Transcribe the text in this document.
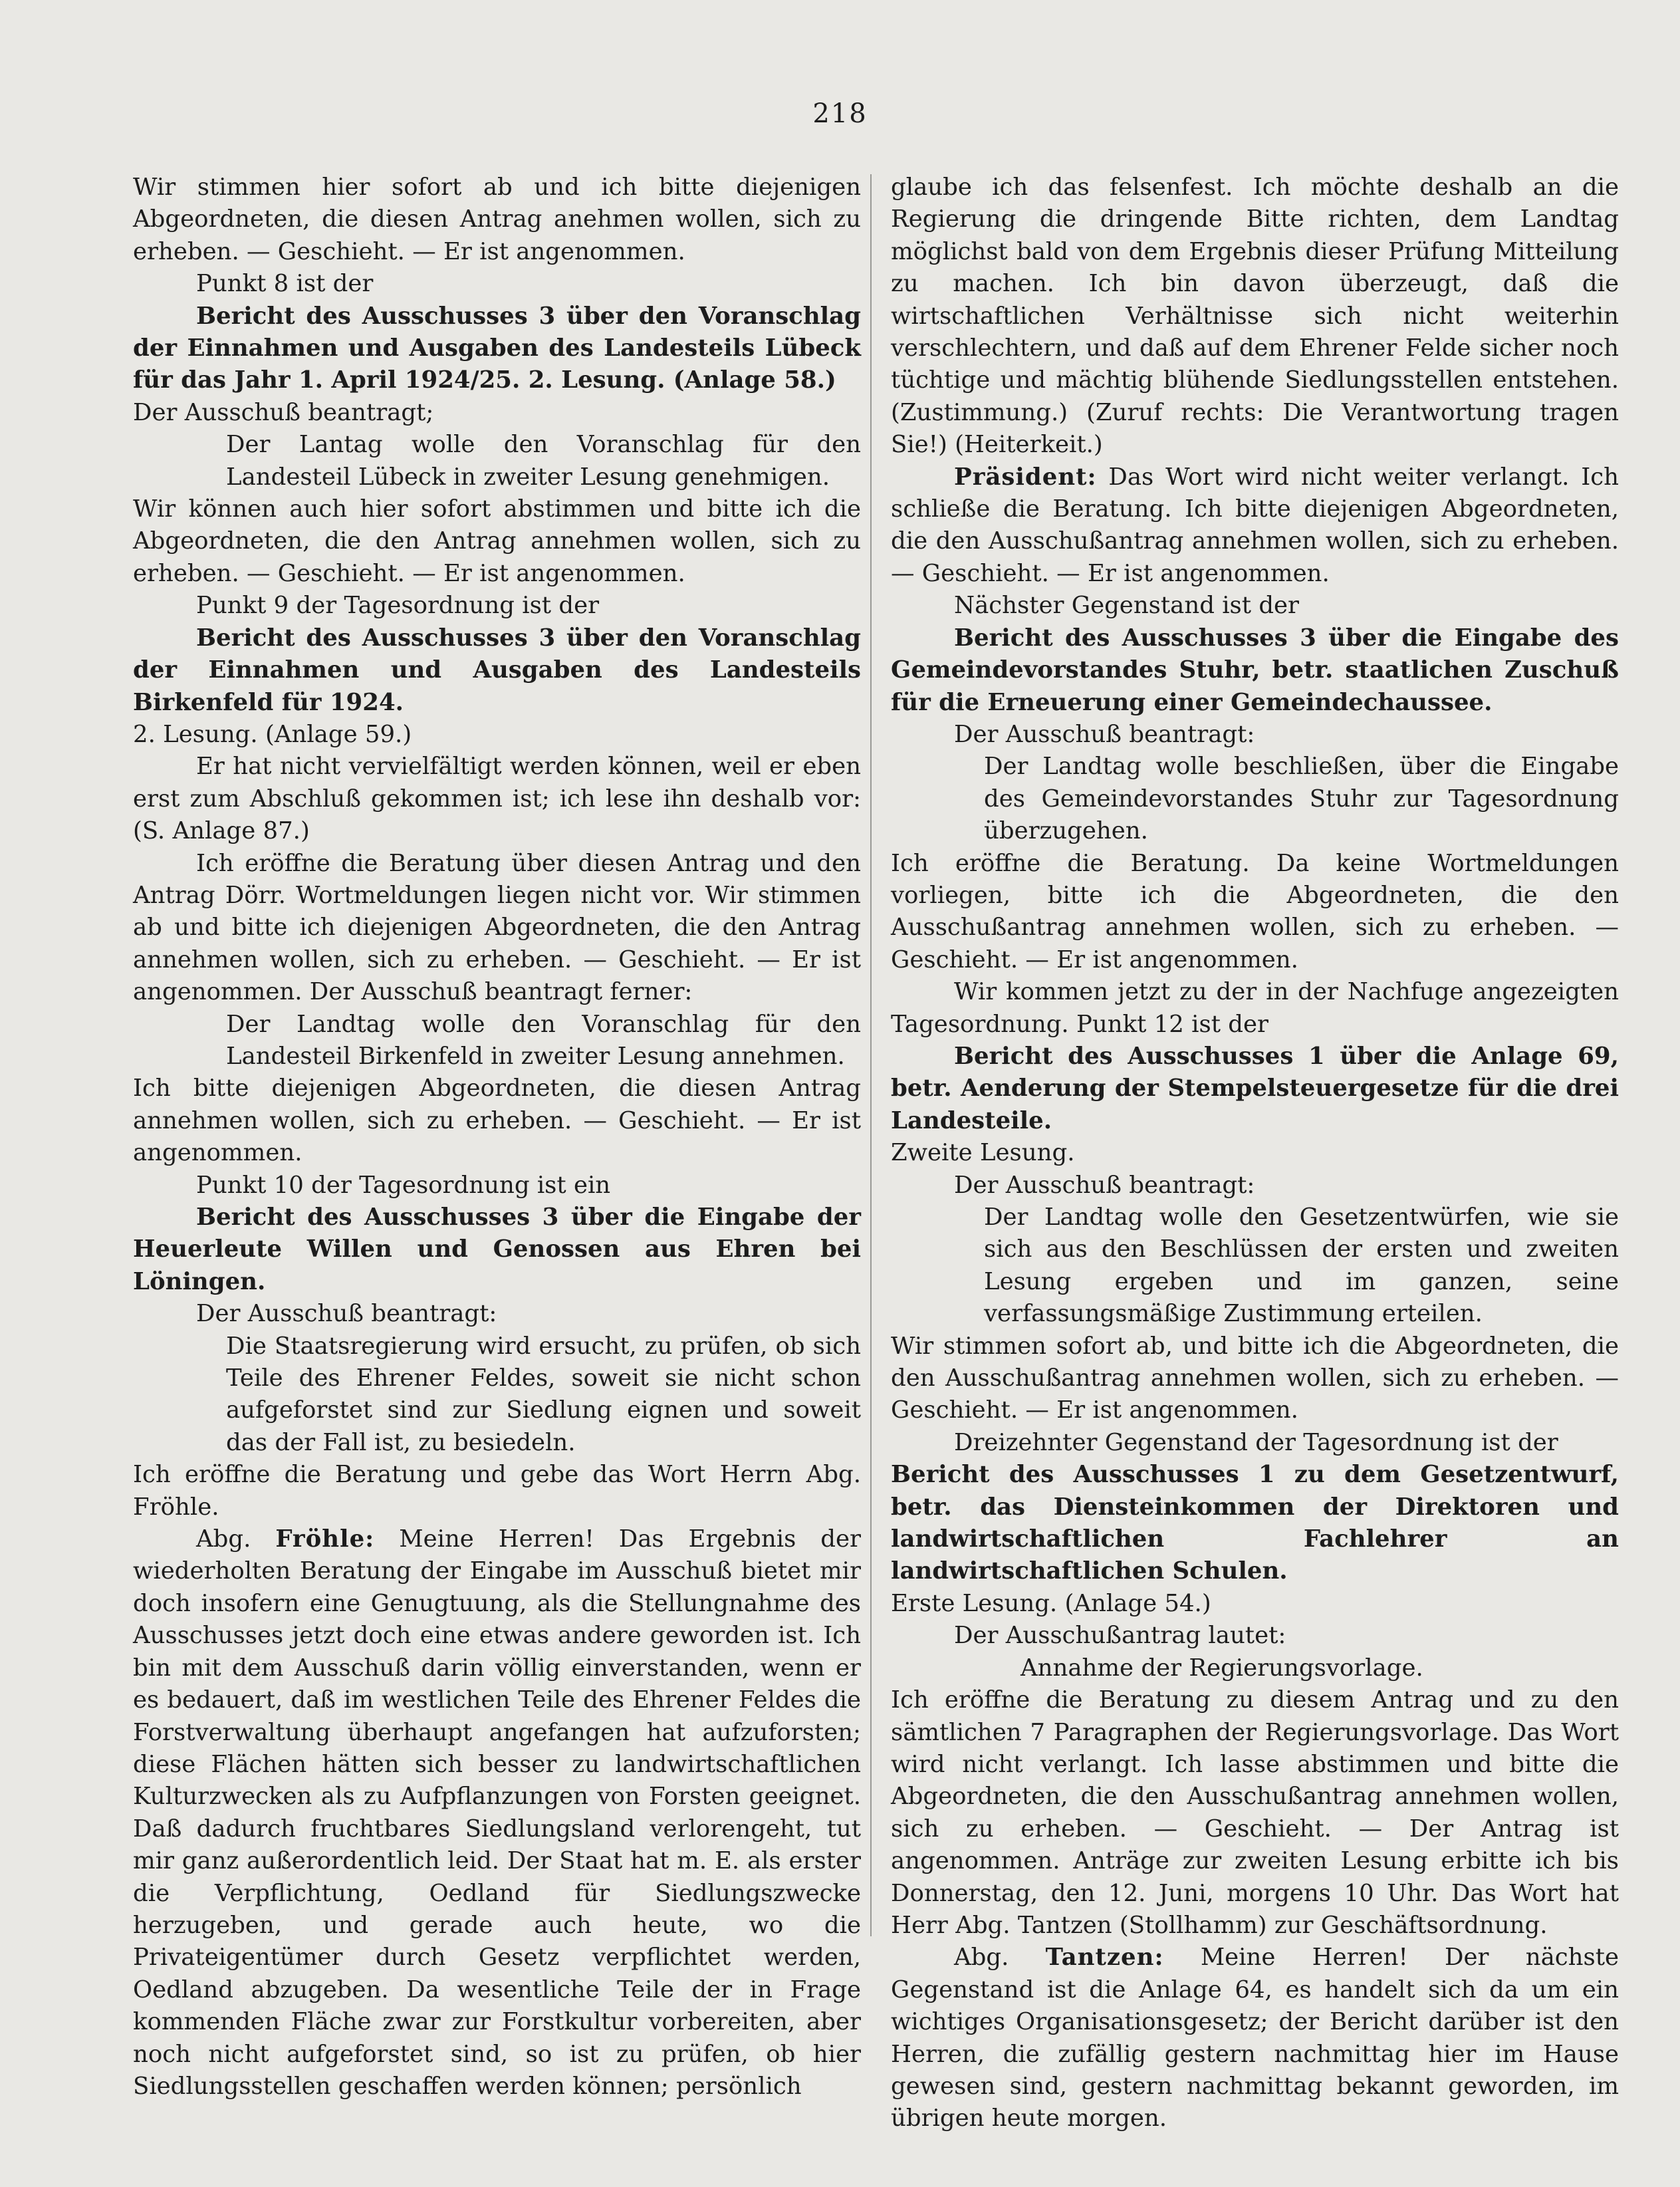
218

Wir stimmen hier sofort ab und ich bitte diejenigen Abgeordneten, die diesen Antrag anehmen wollen, sich zu erheben. — Geschieht. — Er ist angenommen.

Punkt 8 ist der

Bericht des Ausschusses 3 über den Voranschlag der Einnahmen und Ausgaben des Landesteils Lübeck für das Jahr 1. April 1924/25. 2. Lesung. (Anlage 58.)

Der Ausschuß beantragt;

Der Lantag wolle den Voranschlag für den Landesteil Lübeck in zweiter Lesung genehmigen.

Wir können auch hier sofort abstimmen und bitte ich die Abgeordneten, die den Antrag annehmen wollen, sich zu erheben. — Geschieht. — Er ist angenommen.

Punkt 9 der Tagesordnung ist der

Bericht des Ausschusses 3 über den Voranschlag der Einnahmen und Ausgaben des Landesteils Birkenfeld für 1924.

2. Lesung. (Anlage 59.)

Er hat nicht vervielfältigt werden können, weil er eben erst zum Abschluß gekommen ist; ich lese ihn deshalb vor: (S. Anlage 87.)

Ich eröffne die Beratung über diesen Antrag und den Antrag Dörr. Wortmeldungen liegen nicht vor. Wir stimmen ab und bitte ich diejenigen Abgeordneten, die den Antrag annehmen wollen, sich zu erheben. — Geschieht. — Er ist angenommen. Der Ausschuß beantragt ferner:

Der Landtag wolle den Voranschlag für den Landesteil Birkenfeld in zweiter Lesung annehmen.

Ich bitte diejenigen Abgeordneten, die diesen Antrag annehmen wollen, sich zu erheben. — Geschieht. — Er ist angenommen.

Punkt 10 der Tagesordnung ist ein

Bericht des Ausschusses 3 über die Eingabe der Heuerleute Willen und Genossen aus Ehren bei Löningen.

Der Ausschuß beantragt:

Die Staatsregierung wird ersucht, zu prüfen, ob sich Teile des Ehrener Feldes, soweit sie nicht schon aufgeforstet sind zur Siedlung eignen und soweit das der Fall ist, zu besiedeln.

Ich eröffne die Beratung und gebe das Wort Herrn Abg. Fröhle.

Abg. Fröhle: Meine Herren! Das Ergebnis der wiederholten Beratung der Eingabe im Ausschuß bietet mir doch insofern eine Genugtuung, als die Stellungnahme des Ausschusses jetzt doch eine etwas andere geworden ist. Ich bin mit dem Ausschuß darin völlig einverstanden, wenn er es bedauert, daß im westlichen Teile des Ehrener Feldes die Forstverwaltung überhaupt angefangen hat aufzuforsten; diese Flächen hätten sich besser zu landwirtschaftlichen Kulturzwecken als zu Aufpflanzungen von Forsten geeignet. Daß dadurch fruchtbares Siedlungsland verlorengeht, tut mir ganz außerordentlich leid. Der Staat hat m. E. als erster die Verpflichtung, Oedland für Siedlungszwecke herzugeben, und gerade auch heute, wo die Privateigentümer durch Gesetz verpflichtet werden, Oedland abzugeben. Da wesentliche Teile der in Frage kommenden Fläche zwar zur Forstkultur vorbereiten, aber noch nicht aufgeforstet sind, so ist zu prüfen, ob hier Siedlungsstellen geschaffen werden können; persönlich

glaube ich das felsenfest. Ich möchte deshalb an die Regierung die dringende Bitte richten, dem Landtag möglichst bald von dem Ergebnis dieser Prüfung Mitteilung zu machen. Ich bin davon überzeugt, daß die wirtschaftlichen Verhältnisse sich nicht weiterhin verschlechtern, und daß auf dem Ehrener Felde sicher noch tüchtige und mächtig blühende Siedlungsstellen entstehen. (Zustimmung.) (Zuruf rechts: Die Verantwortung tragen Sie!) (Heiterkeit.)

Präsident: Das Wort wird nicht weiter verlangt. Ich schließe die Beratung. Ich bitte diejenigen Abgeordneten, die den Ausschußantrag annehmen wollen, sich zu erheben. — Geschieht. — Er ist angenommen.

Nächster Gegenstand ist der

Bericht des Ausschusses 3 über die Eingabe des Gemeindevorstandes Stuhr, betr. staatlichen Zuschuß für die Erneuerung einer Gemeindechaussee.

Der Ausschuß beantragt:

Der Landtag wolle beschließen, über die Eingabe des Gemeindevorstandes Stuhr zur Tagesordnung überzugehen.

Ich eröffne die Beratung. Da keine Wortmeldungen vorliegen, bitte ich die Abgeordneten, die den Ausschußantrag annehmen wollen, sich zu erheben. — Geschieht. — Er ist angenommen.

Wir kommen jetzt zu der in der Nachfuge angezeigten Tagesordnung. Punkt 12 ist der

Bericht des Ausschusses 1 über die Anlage 69, betr. Aenderung der Stempelsteuergesetze für die drei Landesteile.

Zweite Lesung.

Der Ausschuß beantragt:

Der Landtag wolle den Gesetzentwürfen, wie sie sich aus den Beschlüssen der ersten und zweiten Lesung ergeben und im ganzen, seine verfassungsmäßige Zustimmung erteilen.

Wir stimmen sofort ab, und bitte ich die Abgeordneten, die den Ausschußantrag annehmen wollen, sich zu erheben. — Geschieht. — Er ist angenommen.

Dreizehnter Gegenstand der Tagesordnung ist der

Bericht des Ausschusses 1 zu dem Gesetzentwurf, betr. das Diensteinkommen der Direktoren und landwirtschaftlichen Fachlehrer an landwirtschaftlichen Schulen.

Erste Lesung. (Anlage 54.)

Der Ausschußantrag lautet:

Annahme der Regierungsvorlage.

Ich eröffne die Beratung zu diesem Antrag und zu den sämtlichen 7 Paragraphen der Regierungsvorlage. Das Wort wird nicht verlangt. Ich lasse abstimmen und bitte die Abgeordneten, die den Ausschußantrag annehmen wollen, sich zu erheben. — Geschieht. — Der Antrag ist angenommen. Anträge zur zweiten Lesung erbitte ich bis Donnerstag, den 12. Juni, morgens 10 Uhr. Das Wort hat Herr Abg. Tantzen (Stollhamm) zur Geschäftsordnung.

Abg. Tantzen: Meine Herren! Der nächste Gegenstand ist die Anlage 64, es handelt sich da um ein wichtiges Organisationsgesetz; der Bericht darüber ist den Herren, die zufällig gestern nachmittag hier im Hause gewesen sind, gestern nachmittag bekannt geworden, im übrigen heute morgen.
